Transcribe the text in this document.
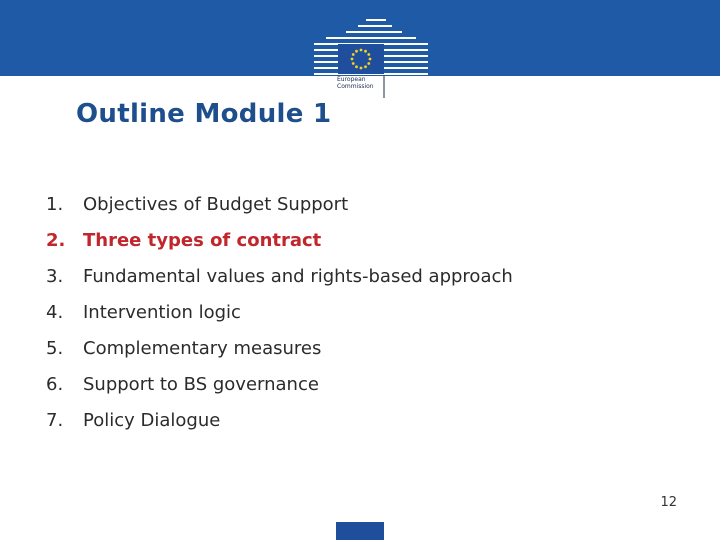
European
Commission
Outline Module 1
1.	Objectives of Budget Support
2. Three types of contract
3.	Fundamental values and rights-based approach
4.	Intervention logic
5.	Complementary measures
6.	Support to BS governance
7.	Policy Dialogue
12
